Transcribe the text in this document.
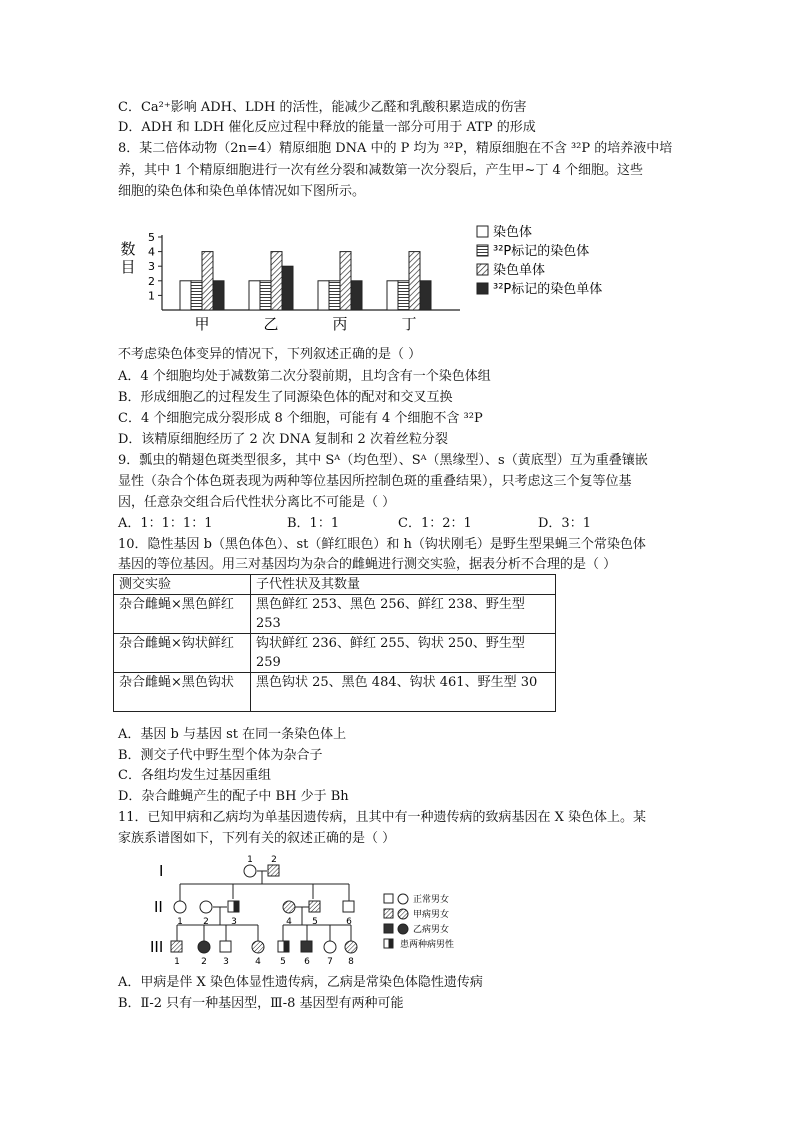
C．Ca²⁺影响 ADH、LDH 的活性，能减少乙醛和乳酸积累造成的伤害
D．ADH 和 LDH 催化反应过程中释放的能量一部分可用于 ATP 的形成
8．某二倍体动物（2n=4）精原细胞 DNA 中的 P 均为 ³²P，精原细胞在不含 ³²P 的培养液中培
养，其中 1 个精原细胞进行一次有丝分裂和减数第一次分裂后，产生甲~丁 4 个细胞。这些
细胞的染色体和染色单体情况如下图所示。
数
目
1
2
3
4
5
甲	乙	丙	丁
染色体
³²P标记的染色体
染色单体
³²P标记的染色单体
不考虑染色体变异的情况下，下列叙述正确的是（ ）
A．4 个细胞均处于减数第二次分裂前期，且均含有一个染色体组
B．形成细胞乙的过程发生了同源染色体的配对和交叉互换
C．4 个细胞完成分裂形成 8 个细胞，可能有 4 个细胞不含 ³²P
D．该精原细胞经历了 2 次 DNA 复制和 2 次着丝粒分裂
9．瓢虫的鞘翅色斑类型很多，其中 Sᴬ（均色型）、Sᴬ（黑缘型）、s（黄底型）互为重叠镶嵌
显性（杂合个体色斑表现为两种等位基因所控制色斑的重叠结果），只考虑这三个复等位基
因，任意杂交组合后代性状分离比不可能是（ ）
A．1：1：1：1	B．1：1	C．1：2：1	D．3：1
10．隐性基因 b（黑色体色）、st（鲜红眼色）和 h（钩状刚毛）是野生型果蝇三个常染色体
基因的等位基因。用三对基因均为杂合的雌蝇进行测交实验，据表分析不合理的是（ ）
测交实验	子代性状及其数量
杂合雌蝇×黑色鲜红	黑色鲜红 253、黑色 256、鲜红 238、野生型 253
杂合雌蝇×钩状鲜红	钩状鲜红 236、鲜红 255、钩状 250、野生型 259
杂合雌蝇×黑色钩状	黑色钩状 25、黑色 484、钩状 461、野生型 30
A．基因 b 与基因 st 在同一条染色体上
B．测交子代中野生型个体为杂合子
C．各组均发生过基因重组
D．杂合雌蝇产生的配子中 BH 少于 Bh
11．已知甲病和乙病均为单基因遗传病，且其中有一种遗传病的致病基因在 X 染色体上。某
家族系谱图如下，下列有关的叙述正确的是（ ）
I
II
III
1 2
1 2 3	4 5	6
1 2 3	4 5 6 7 8
正常男女
甲病男女
乙病男女
患两种病男性
A．甲病是伴 X 染色体显性遗传病，乙病是常染色体隐性遗传病
B．Ⅱ-2 只有一种基因型，Ⅲ-8 基因型有两种可能
